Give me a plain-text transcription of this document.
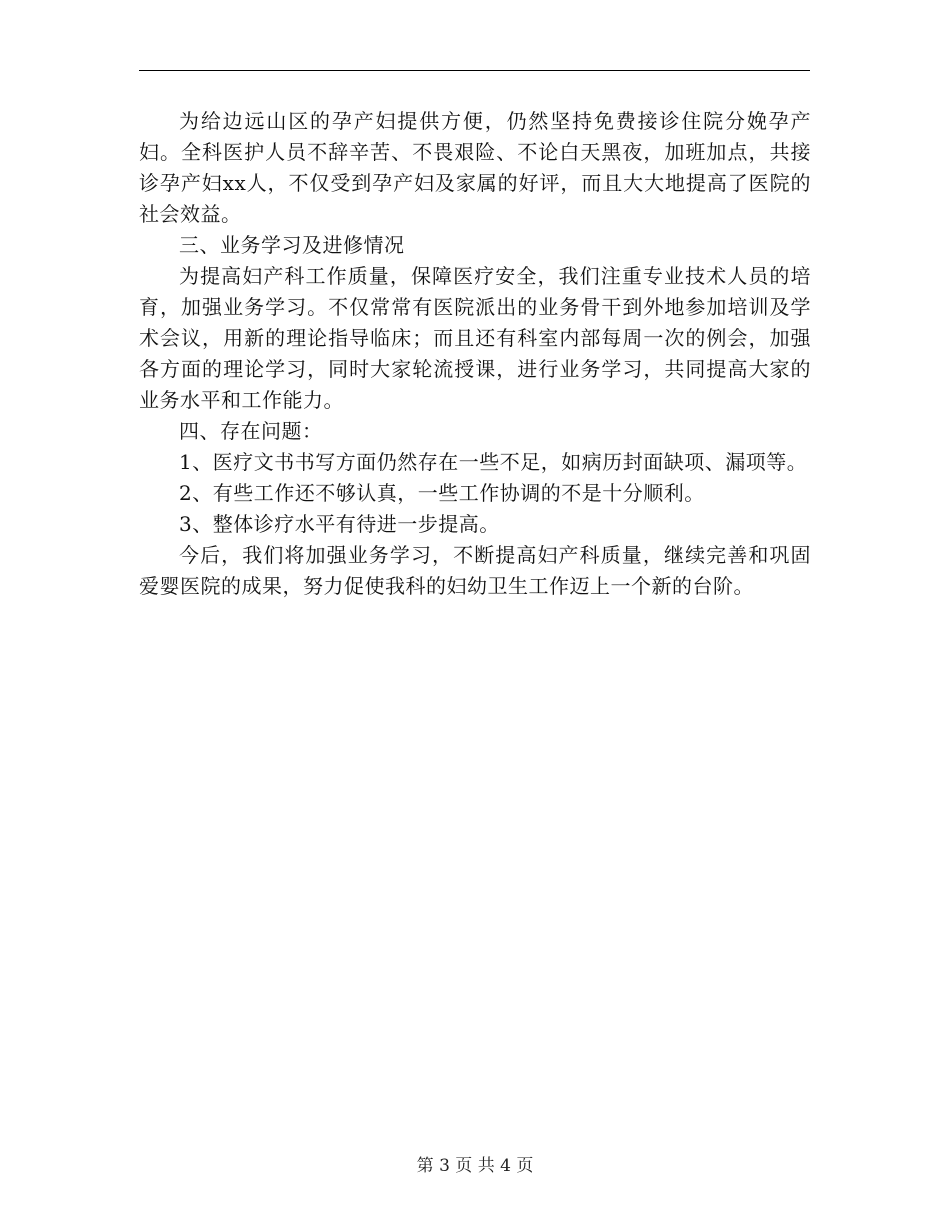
为给边远山区的孕产妇提供方便，仍然坚持免费接诊住院分娩孕产妇。全科医护人员不辞辛苦、不畏艰险、不论白天黑夜，加班加点，共接诊孕产妇xx人，不仅受到孕产妇及家属的好评，而且大大地提高了医院的社会效益。

三、业务学习及进修情况

为提高妇产科工作质量，保障医疗安全，我们注重专业技术人员的培育，加强业务学习。不仅常常有医院派出的业务骨干到外地参加培训及学术会议，用新的理论指导临床；而且还有科室内部每周一次的例会，加强各方面的理论学习，同时大家轮流授课，进行业务学习，共同提高大家的业务水平和工作能力。

四、存在问题：

1、医疗文书书写方面仍然存在一些不足，如病历封面缺项、漏项等。

2、有些工作还不够认真，一些工作协调的不是十分顺利。

3、整体诊疗水平有待进一步提高。

今后，我们将加强业务学习，不断提高妇产科质量，继续完善和巩固爱婴医院的成果，努力促使我科的妇幼卫生工作迈上一个新的台阶。

第 3 页 共 4 页
